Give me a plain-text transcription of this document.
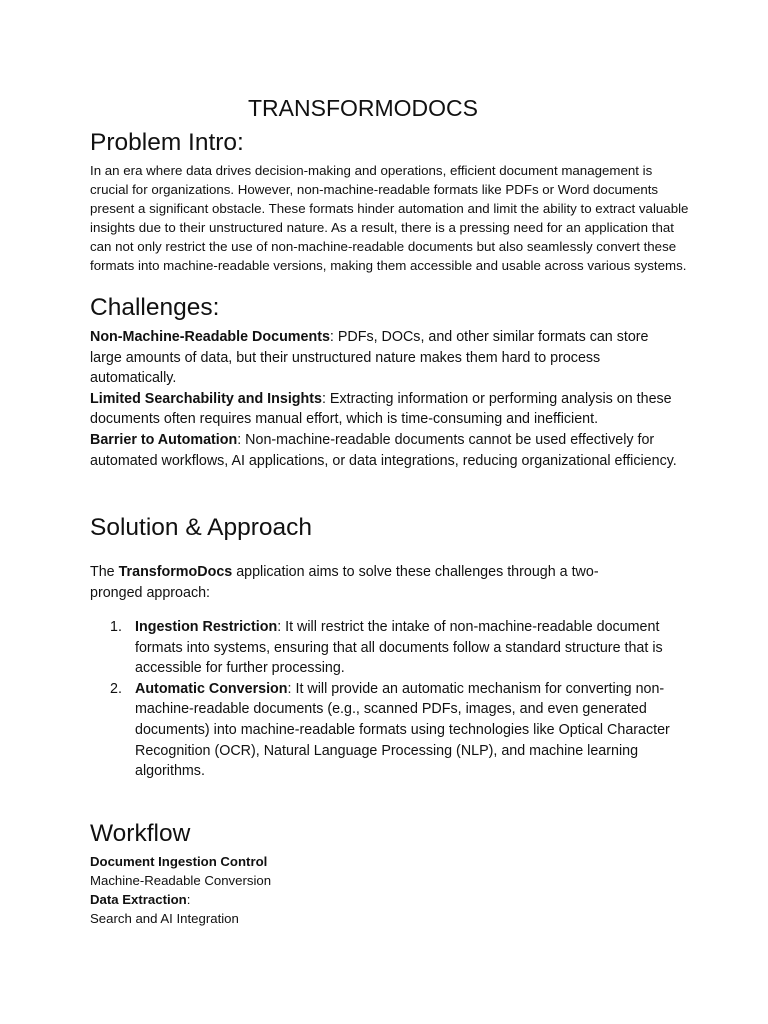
TRANSFORMODOCS
Problem Intro:
In an era where data drives decision-making and operations, efficient document management is crucial for organizations. However, non-machine-readable formats like PDFs or Word documents present a significant obstacle. These formats hinder automation and limit the ability to extract valuable insights due to their unstructured nature. As a result, there is a pressing need for an application that can not only restrict the use of non-machine-readable documents but also seamlessly convert these formats into machine-readable versions, making them accessible and usable across various systems.
Challenges:

Non-Machine-Readable Documents: PDFs, DOCs, and other similar formats can store large amounts of data, but their unstructured nature makes them hard to process automatically.

Limited Searchability and Insights: Extracting information or performing analysis on these documents often requires manual effort, which is time-consuming and inefficient.

Barrier to Automation: Non-machine-readable documents cannot be used effectively for automated workflows, AI applications, or data integrations, reducing organizational efficiency.

Solution & Approach
The TransformoDocs application aims to solve these challenges through a two-pronged approach:
1. Ingestion Restriction: It will restrict the intake of non-machine-readable document formats into systems, ensuring that all documents follow a standard structure that is accessible for further processing.
2. Automatic Conversion: It will provide an automatic mechanism for converting non-machine-readable documents (e.g., scanned PDFs, images, and even generated documents) into machine-readable formats using technologies like Optical Character Recognition (OCR), Natural Language Processing (NLP), and machine learning algorithms.
Workflow
Document Ingestion Control
Machine-Readable Conversion
Data Extraction:
Search and AI Integration
